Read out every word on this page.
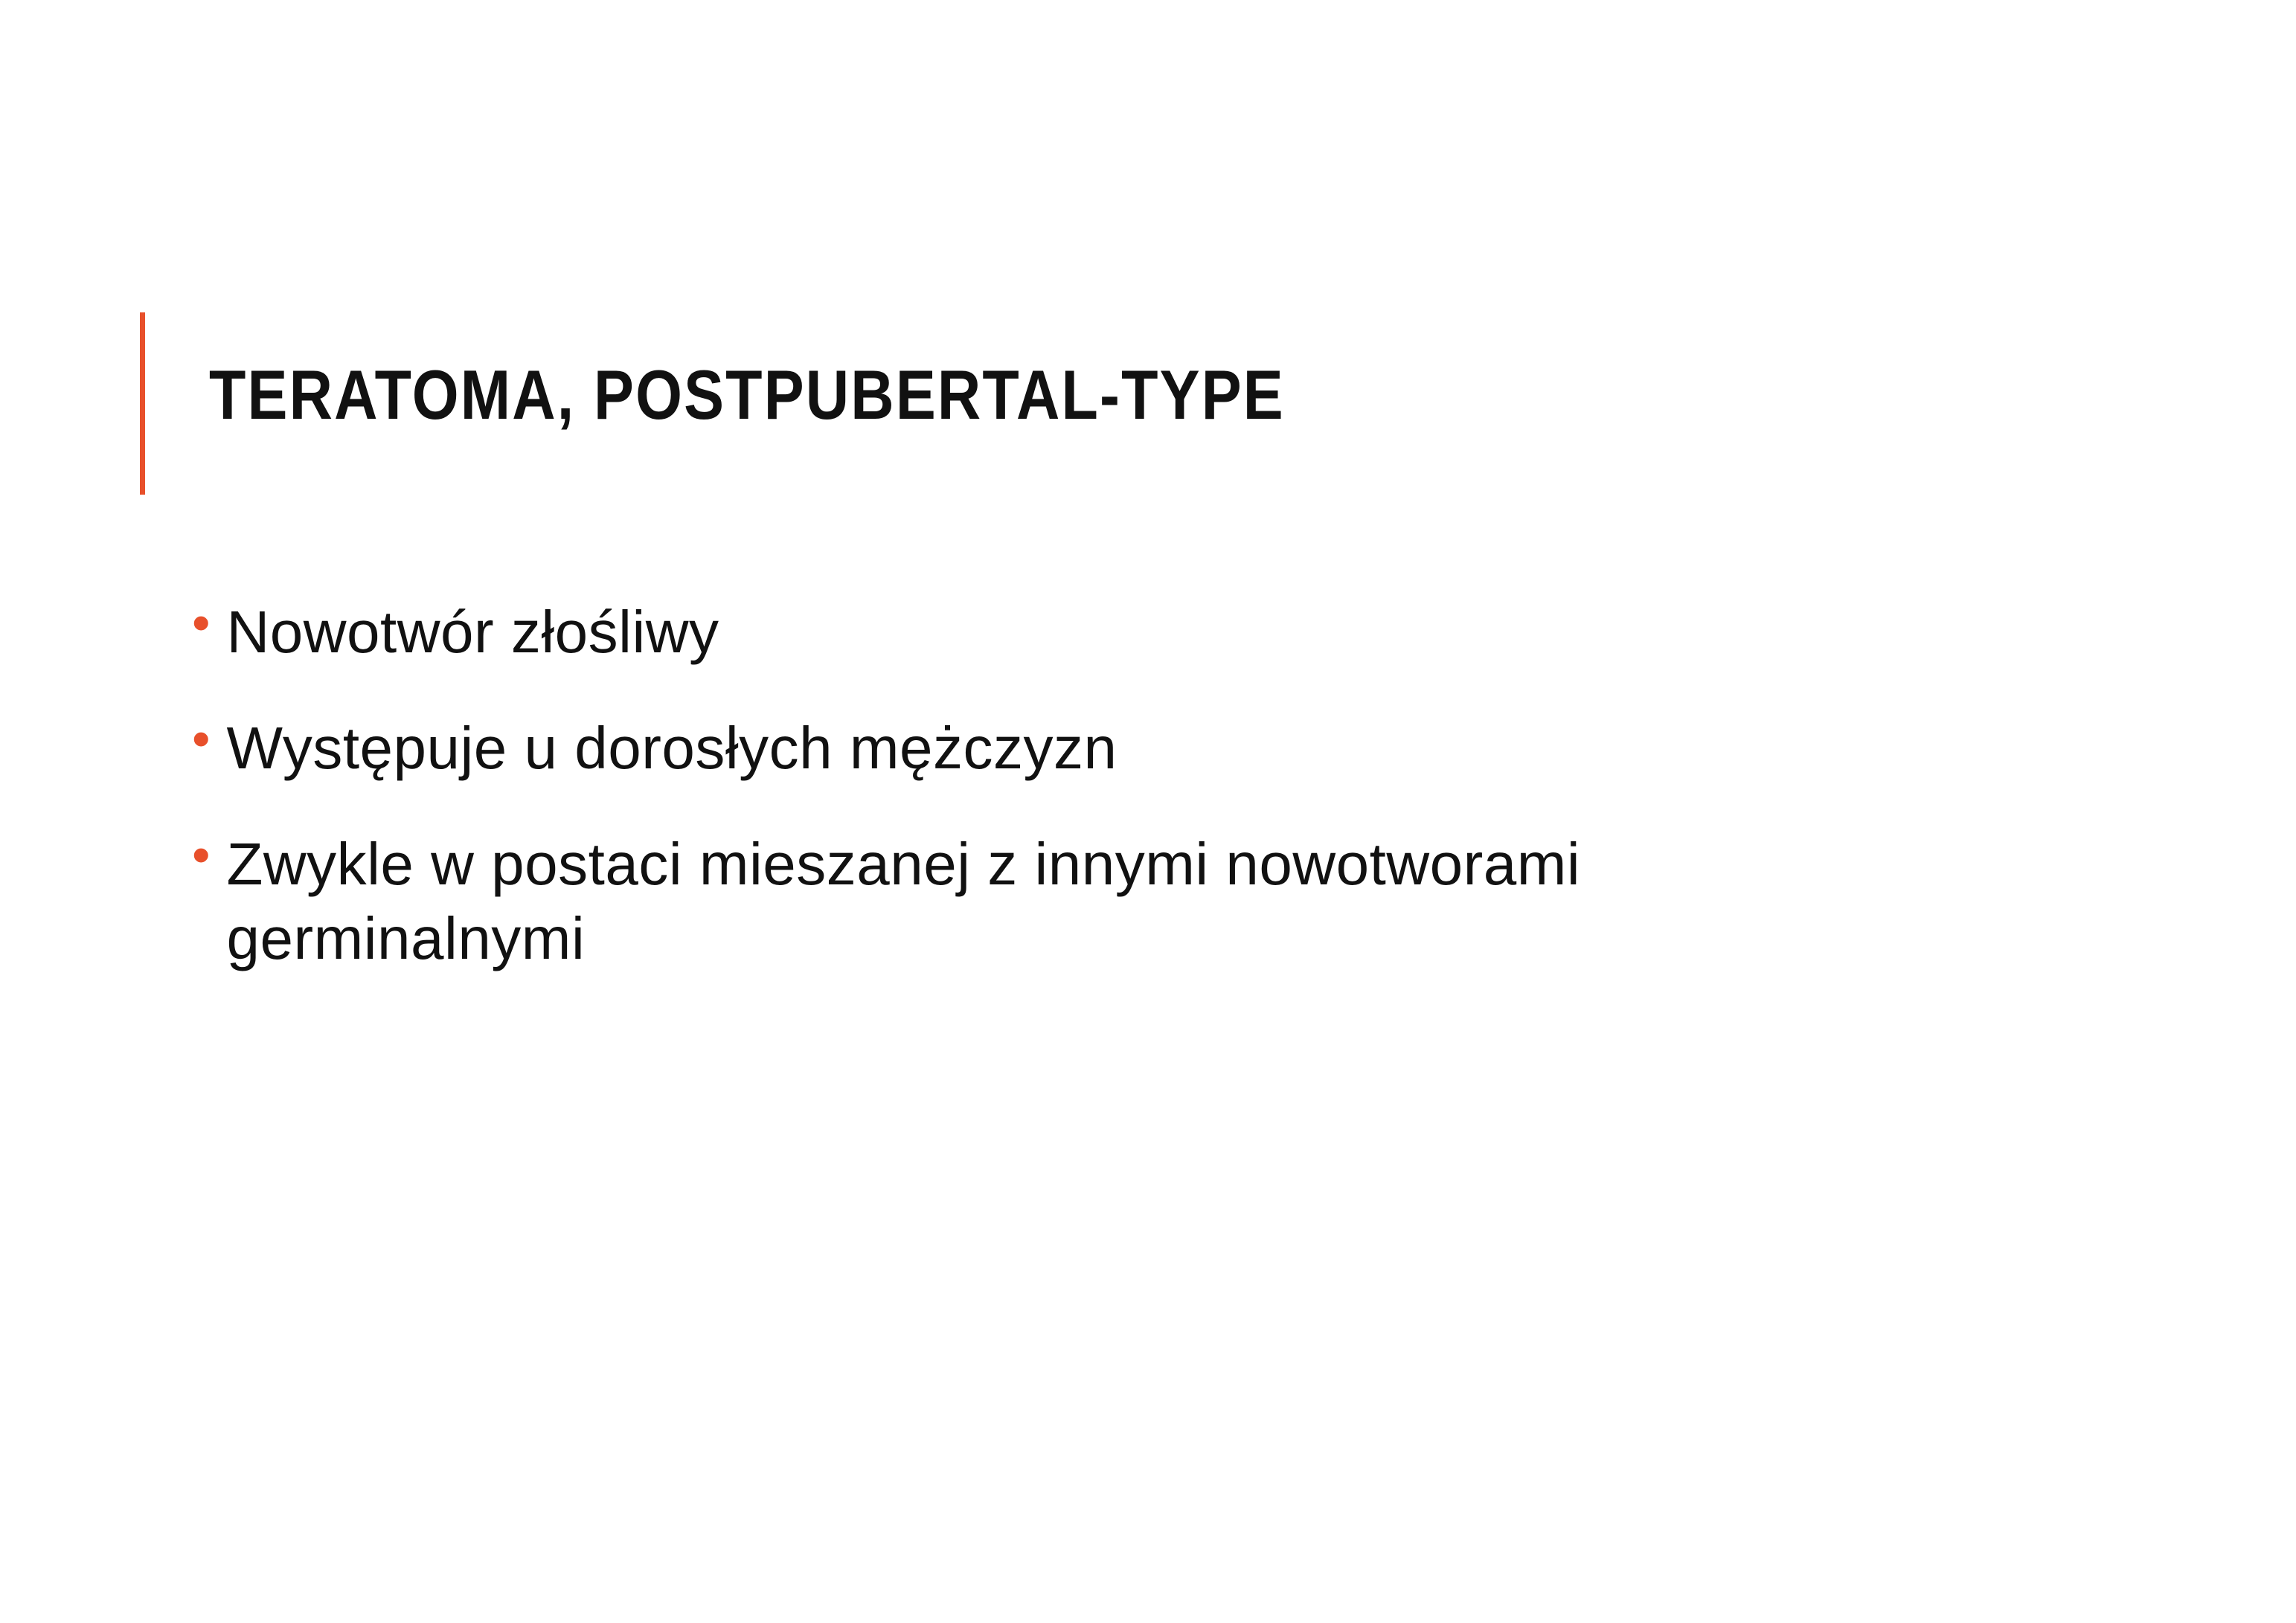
TERATOMA, POSTPUBERTAL-TYPE
• Nowotwór złośliwy
• Występuje u dorosłych mężczyzn
• Zwykle w postaci mieszanej z innymi nowotworami germinalnymi
